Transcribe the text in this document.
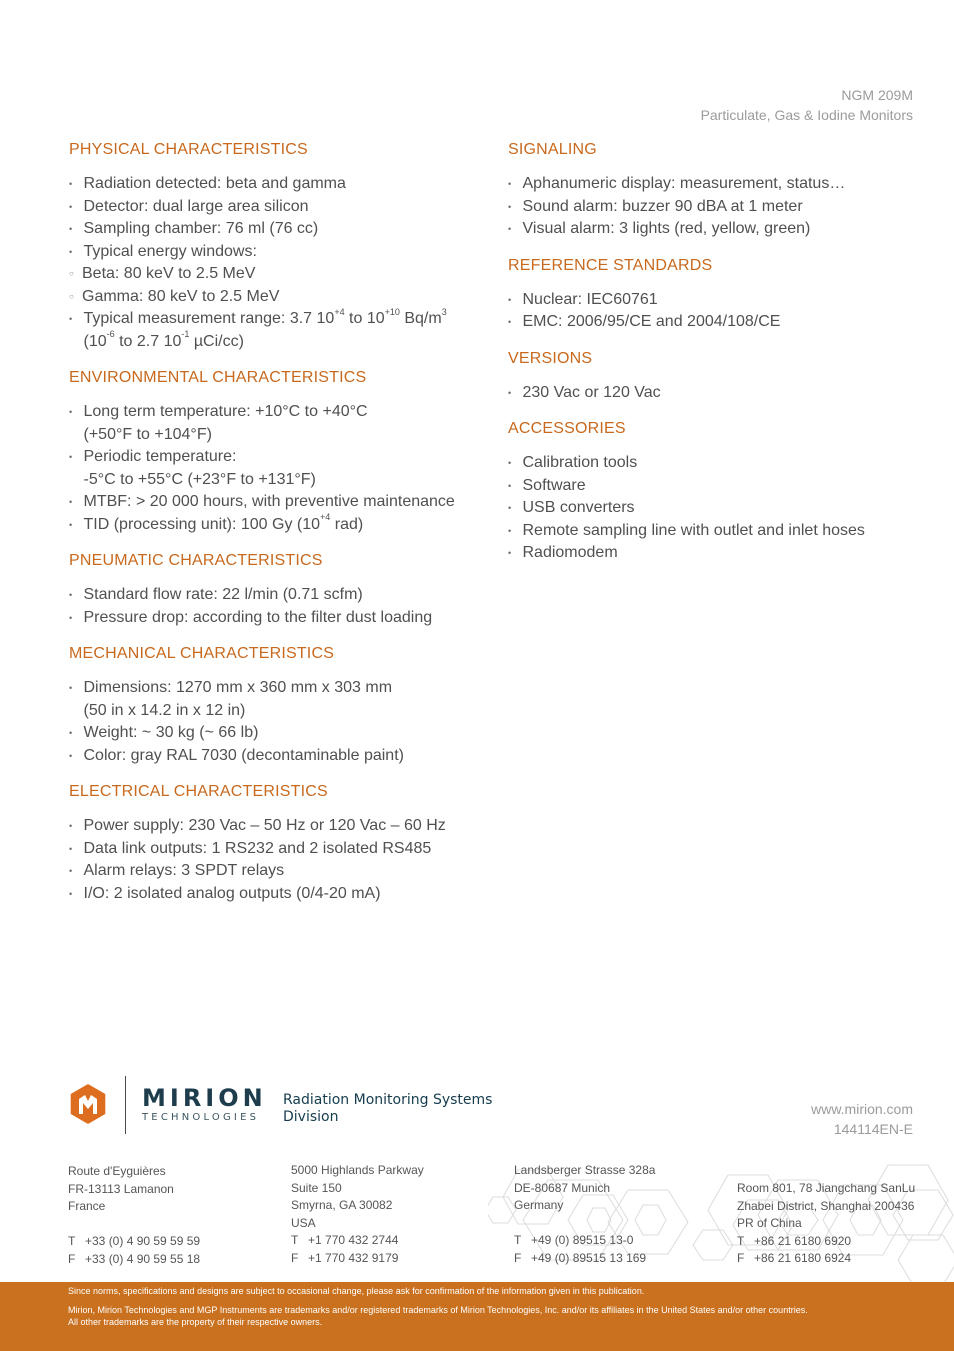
NGM 209M
Particulate, Gas & Iodine Monitors
PHYSICAL CHARACTERISTICS
• Radiation detected: beta and gamma
• Detector: dual large area silicon
• Sampling chamber: 76 ml (76 cc)
• Typical energy windows:
○ Beta: 80 keV to 2.5 MeV
○ Gamma: 80 keV to 2.5 MeV
• Typical measurement range: 3.7 $10^{+4}$ to $10^{+10}$ $Bq/m^3$
($10^{-6}$ to 2.7 $10^{-1}$ µCi/cc)
ENVIRONMENTAL CHARACTERISTICS
• Long term temperature: +10°C to +40°C
(+50°F to +104°F)
• Periodic temperature:
-5°C to +55°C (+23°F to +131°F)
• MTBF: > 20 000 hours, with preventive maintenance
• TID (processing unit): 100 Gy ($10^{+4}$ rad)
PNEUMATIC CHARACTERISTICS
• Standard flow rate: 22 l/min (0.71 scfm)
• Pressure drop: according to the filter dust loading
MECHANICAL CHARACTERISTICS
• Dimensions: 1270 mm x 360 mm x 303 mm
(50 in x 14.2 in x 12 in)
• Weight: ~ 30 kg (~ 66 lb)
• Color: gray RAL 7030 (decontaminable paint)
ELECTRICAL CHARACTERISTICS
• Power supply: 230 Vac – 50 Hz or 120 Vac – 60 Hz
• Data link outputs: 1 RS232 and 2 isolated RS485
• Alarm relays: 3 SPDT relays
• I/O: 2 isolated analog outputs (0/4-20 mA)
SIGNALING
• Aphanumeric display: measurement, status…
• Sound alarm: buzzer 90 dBA at 1 meter
• Visual alarm: 3 lights (red, yellow, green)
REFERENCE STANDARDS
• Nuclear: IEC60761
• EMC: 2006/95/CE and 2004/108/CE
VERSIONS
• 230 Vac or 120 Vac
ACCESSORIES
• Calibration tools
• Software
• USB converters
• Remote sampling line with outlet and inlet hoses
• Radiomodem
MIRION
TECHNOLOGIES
Radiation Monitoring Systems
Division	www.mirion.com
144114EN-E
Route d'Eyguières
FR-13113 Lamanon
France
T +33 (0) 4 90 59 59 59
F +33 (0) 4 90 59 55 18
5000 Highlands Parkway
Suite 150
Smyrna, GA 30082
USA
T +1 770 432 2744
F +1 770 432 9179
Landsberger Strasse 328a
DE-80687 Munich
Germany
T +49 (0) 89515 13-0
F +49 (0) 89515 13 169
Room 801, 78 Jiangchang SanLu
Zhabei District, Shanghai 200436
PR of China
T +86 21 6180 6920
F +86 21 6180 6924

Since norms, specifications and designs are subject to occasional change, please ask for confirmation of the information given in this publication.

Mirion, Mirion Technologies and MGP Instruments are trademarks and/or registered trademarks of Mirion Technologies, Inc. and/or its affiliates in the United States and/or other countries.
All other trademarks are the property of their respective owners.
